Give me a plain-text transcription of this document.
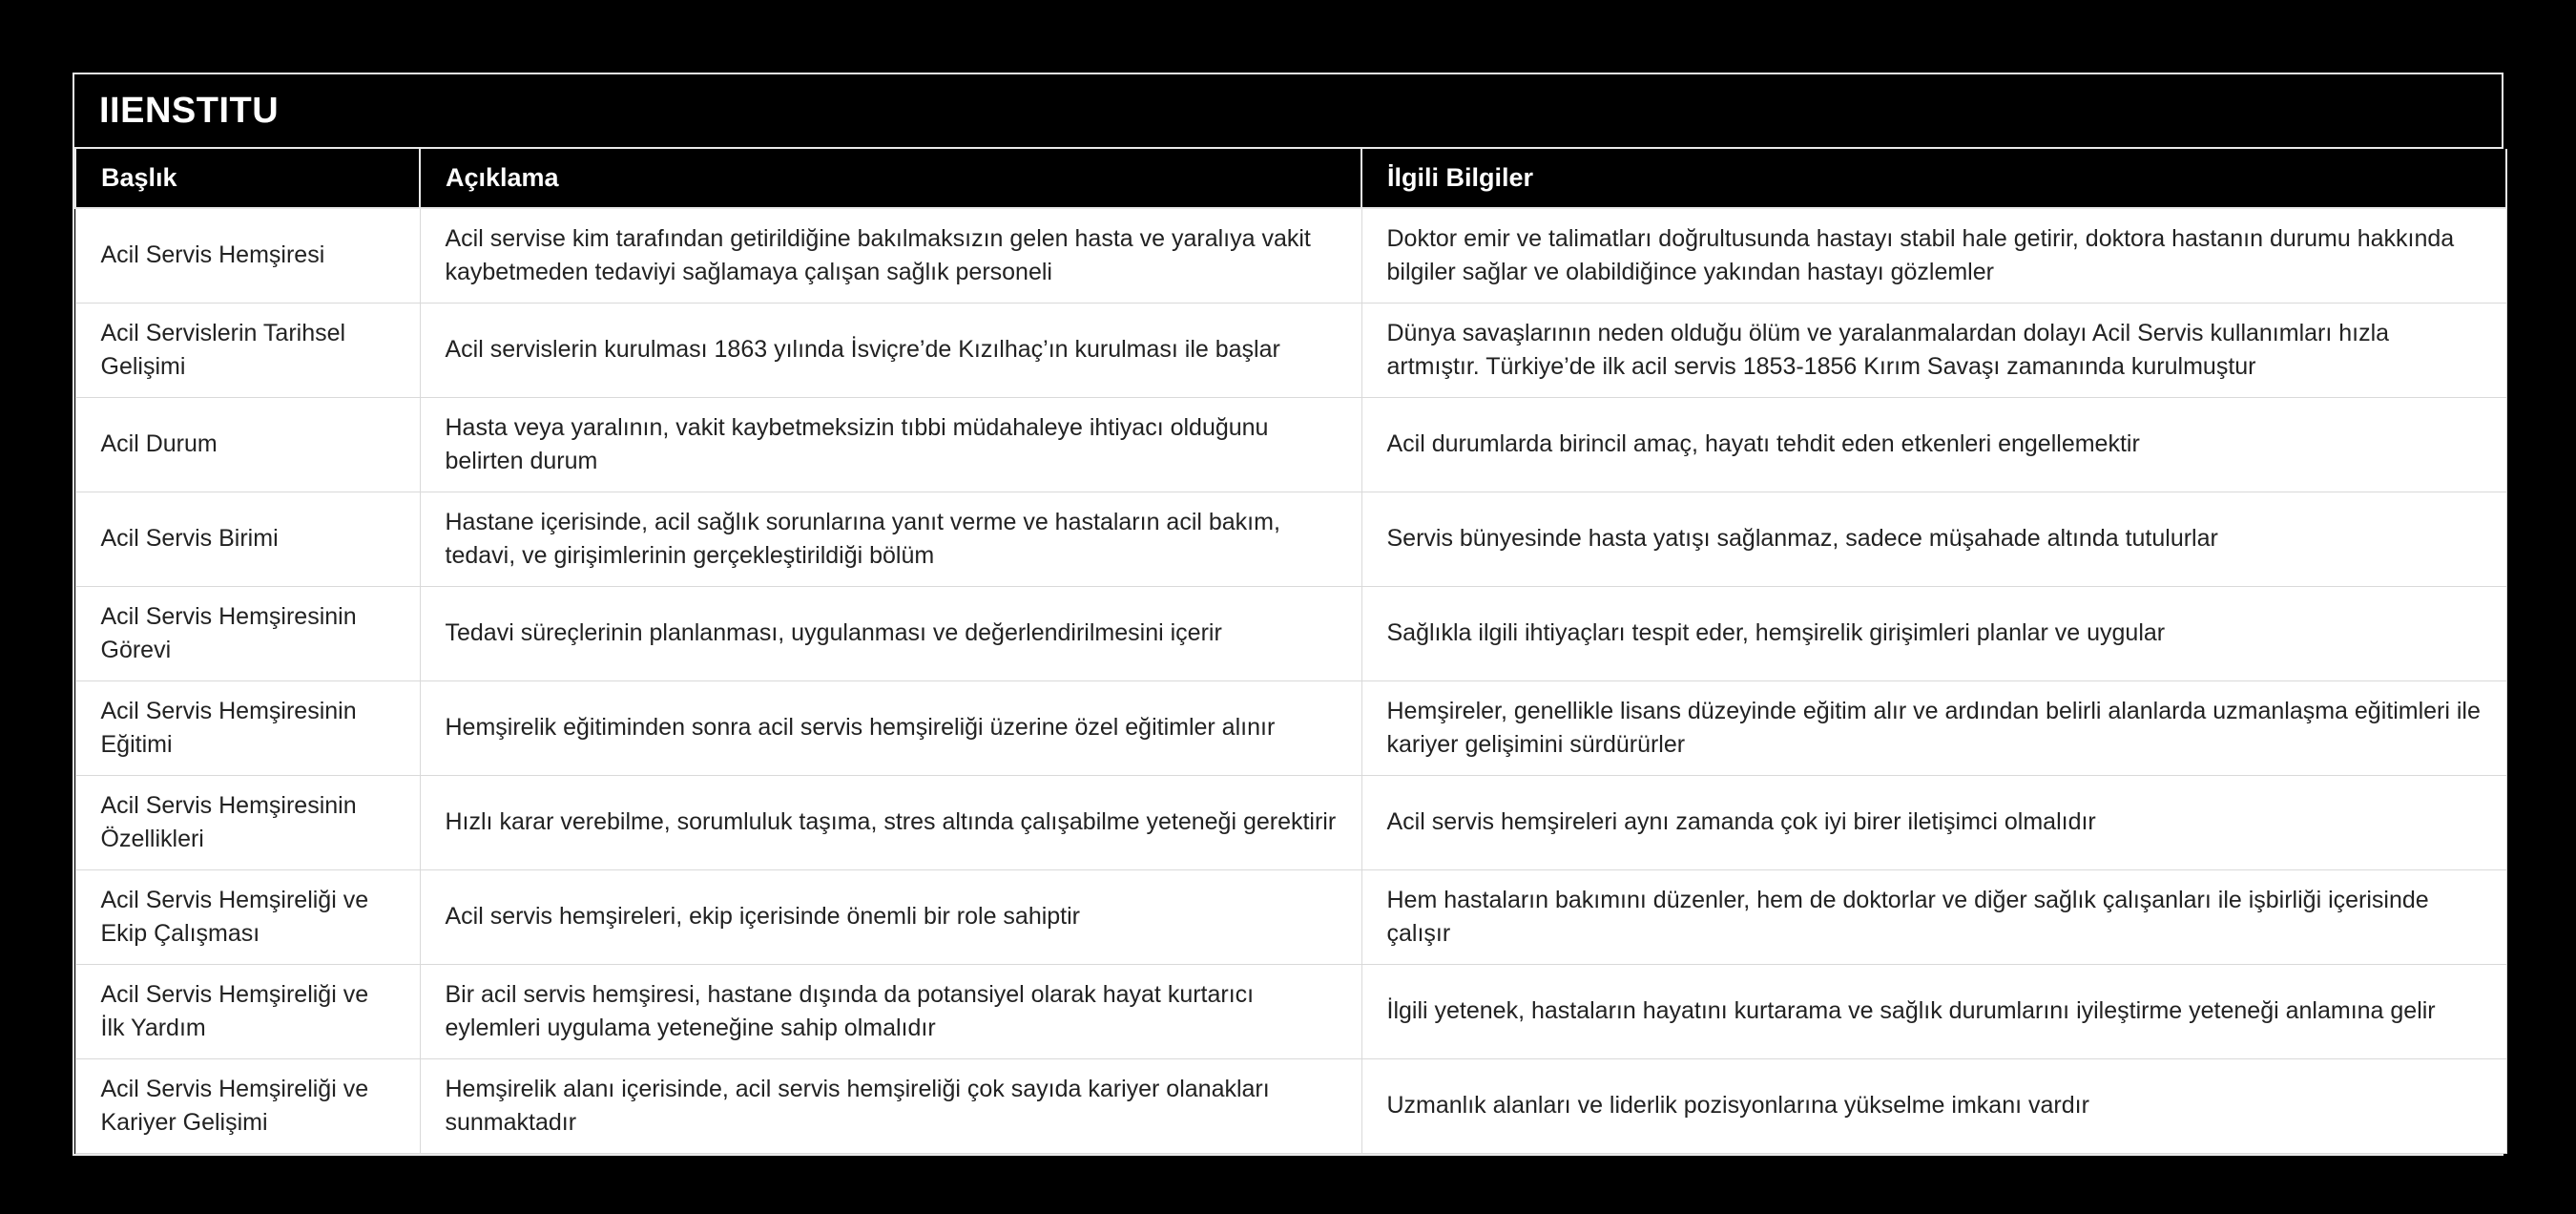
IIENSTITU
Başlık	Açıklama	İlgili Bilgiler
Acil Servis Hemşiresi	Acil servise kim tarafından getirildiğine bakılmaksızın gelen hasta ve yaralıya vakit kaybetmeden tedaviyi sağlamaya çalışan sağlık personeli	Doktor emir ve talimatları doğrultusunda hastayı stabil hale getirir, doktora hastanın durumu hakkında bilgiler sağlar ve olabildiğince yakından hastayı gözlemler
Acil Servislerin Tarihsel Gelişimi	Acil servislerin kurulması 1863 yılında İsviçre’de Kızılhaç’ın kurulması ile başlar	Dünya savaşlarının neden olduğu ölüm ve yaralanmalardan dolayı Acil Servis kullanımları hızla artmıştır. Türkiye’de ilk acil servis 1853-1856 Kırım Savaşı zamanında kurulmuştur
Acil Durum	Hasta veya yaralının, vakit kaybetmeksizin tıbbi müdahaleye ihtiyacı olduğunu belirten durum	Acil durumlarda birincil amaç, hayatı tehdit eden etkenleri engellemektir
Acil Servis Birimi	Hastane içerisinde, acil sağlık sorunlarına yanıt verme ve hastaların acil bakım, tedavi, ve girişimlerinin gerçekleştirildiği bölüm	Servis bünyesinde hasta yatışı sağlanmaz, sadece müşahade altında tutulurlar
Acil Servis Hemşiresinin Görevi	Tedavi süreçlerinin planlanması, uygulanması ve değerlendirilmesini içerir	Sağlıkla ilgili ihtiyaçları tespit eder, hemşirelik girişimleri planlar ve uygular
Acil Servis Hemşiresinin Eğitimi	Hemşirelik eğitiminden sonra acil servis hemşireliği üzerine özel eğitimler alınır	Hemşireler, genellikle lisans düzeyinde eğitim alır ve ardından belirli alanlarda uzmanlaşma eğitimleri ile kariyer gelişimini sürdürürler
Acil Servis Hemşiresinin Özellikleri	Hızlı karar verebilme, sorumluluk taşıma, stres altında çalışabilme yeteneği gerektirir	Acil servis hemşireleri aynı zamanda çok iyi birer iletişimci olmalıdır
Acil Servis Hemşireliği ve Ekip Çalışması	Acil servis hemşireleri, ekip içerisinde önemli bir role sahiptir	Hem hastaların bakımını düzenler, hem de doktorlar ve diğer sağlık çalışanları ile işbirliği içerisinde çalışır
Acil Servis Hemşireliği ve İlk Yardım	Bir acil servis hemşiresi, hastane dışında da potansiyel olarak hayat kurtarıcı eylemleri uygulama yeteneğine sahip olmalıdır	İlgili yetenek, hastaların hayatını kurtarama ve sağlık durumlarını iyileştirme yeteneği anlamına gelir
Acil Servis Hemşireliği ve Kariyer Gelişimi	Hemşirelik alanı içerisinde, acil servis hemşireliği çok sayıda kariyer olanakları sunmaktadır	Uzmanlık alanları ve liderlik pozisyonlarına yükselme imkanı vardır
